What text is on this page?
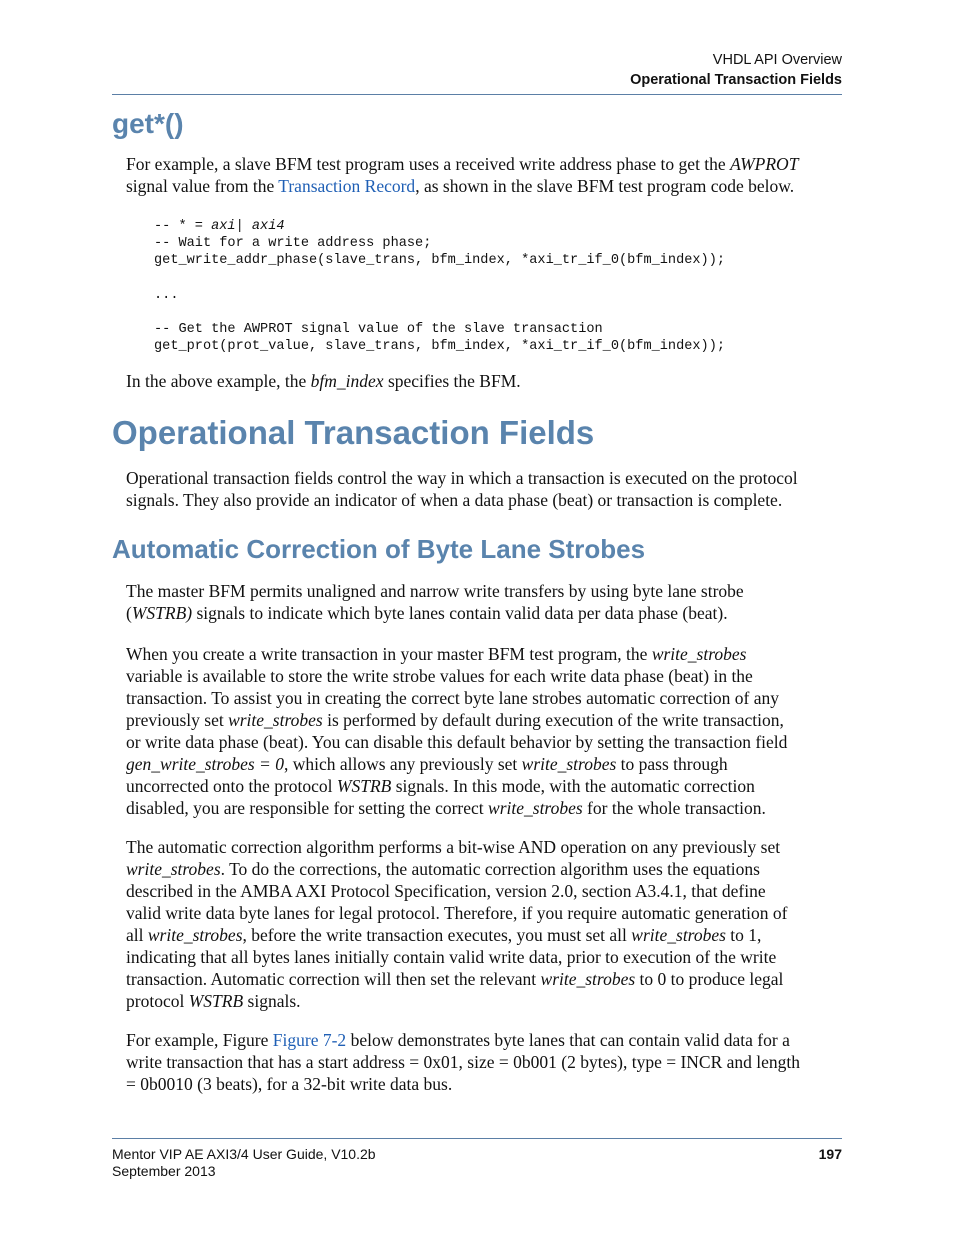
VHDL API Overview
Operational Transaction Fields
get*()
For example, a slave BFM test program uses a received write address phase to get the AWPROT
signal value from the Transaction Record, as shown in the slave BFM test program code below.
-- * = axi| axi4
-- Wait for a write address phase;
get_write_addr_phase(slave_trans, bfm_index, *axi_tr_if_0(bfm_index));
...
-- Get the AWPROT signal value of the slave transaction
get_prot(prot_value, slave_trans, bfm_index, *axi_tr_if_0(bfm_index));
In the above example, the bfm_index specifies the BFM.
Operational Transaction Fields
Operational transaction fields control the way in which a transaction is executed on the protocol
signals. They also provide an indicator of when a data phase (beat) or transaction is complete.
Automatic Correction of Byte Lane Strobes
The master BFM permits unaligned and narrow write transfers by using byte lane strobe
(WSTRB) signals to indicate which byte lanes contain valid data per data phase (beat).
When you create a write transaction in your master BFM test program, the write_strobes
variable is available to store the write strobe values for each write data phase (beat) in the
transaction. To assist you in creating the correct byte lane strobes automatic correction of any
previously set write_strobes is performed by default during execution of the write transaction,
or write data phase (beat). You can disable this default behavior by setting the transaction field
gen_write_strobes = 0, which allows any previously set write_strobes to pass through
uncorrected onto the protocol WSTRB signals. In this mode, with the automatic correction
disabled, you are responsible for setting the correct write_strobes for the whole transaction.
The automatic correction algorithm performs a bit-wise AND operation on any previously set
write_strobes. To do the corrections, the automatic correction algorithm uses the equations
described in the AMBA AXI Protocol Specification, version 2.0, section A3.4.1, that define
valid write data byte lanes for legal protocol. Therefore, if you require automatic generation of
all write_strobes, before the write transaction executes, you must set all write_strobes to 1,
indicating that all bytes lanes initially contain valid write data, prior to execution of the write
transaction. Automatic correction will then set the relevant write_strobes to 0 to produce legal
protocol WSTRB signals.
For example, Figure Figure 7-2 below demonstrates byte lanes that can contain valid data for a
write transaction that has a start address = 0x01, size = 0b001 (2 bytes), type = INCR and length
= 0b0010 (3 beats), for a 32-bit write data bus.
Mentor VIP AE AXI3/4 User Guide, V10.2b
September 2013
197
